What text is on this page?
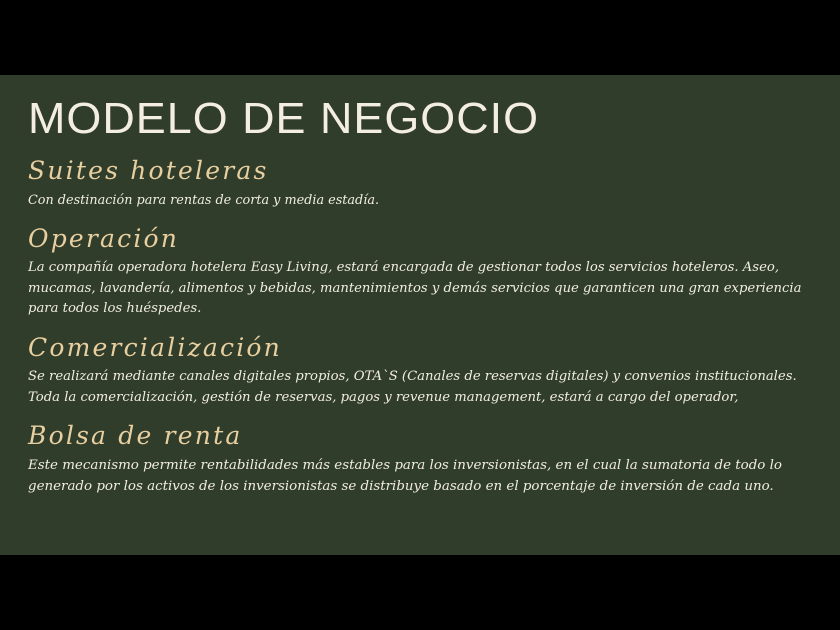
MODELO DE NEGOCIO
Suites hoteleras

Con destinación para rentas de corta y media estadía.

Operación

La compañía operadora hotelera Easy Living, estará encargada de gestionar todos los servicios hoteleros. Aseo, mucamas, lavandería, alimentos y bebidas, mantenimientos y demás servicios que garanticen una gran experiencia para todos los huéspedes.

Comercialización

Se realizará mediante canales digitales propios, OTA`S (Canales de reservas digitales) y convenios institucionales. Toda la comercialización, gestión de reservas, pagos y revenue management, estará a cargo del operador,

Bolsa de renta

Este mecanismo permite rentabilidades más estables para los inversionistas, en el cual la sumatoria de todo lo generado por los activos de los inversionistas se distribuye basado en el porcentaje de inversión de cada uno.
